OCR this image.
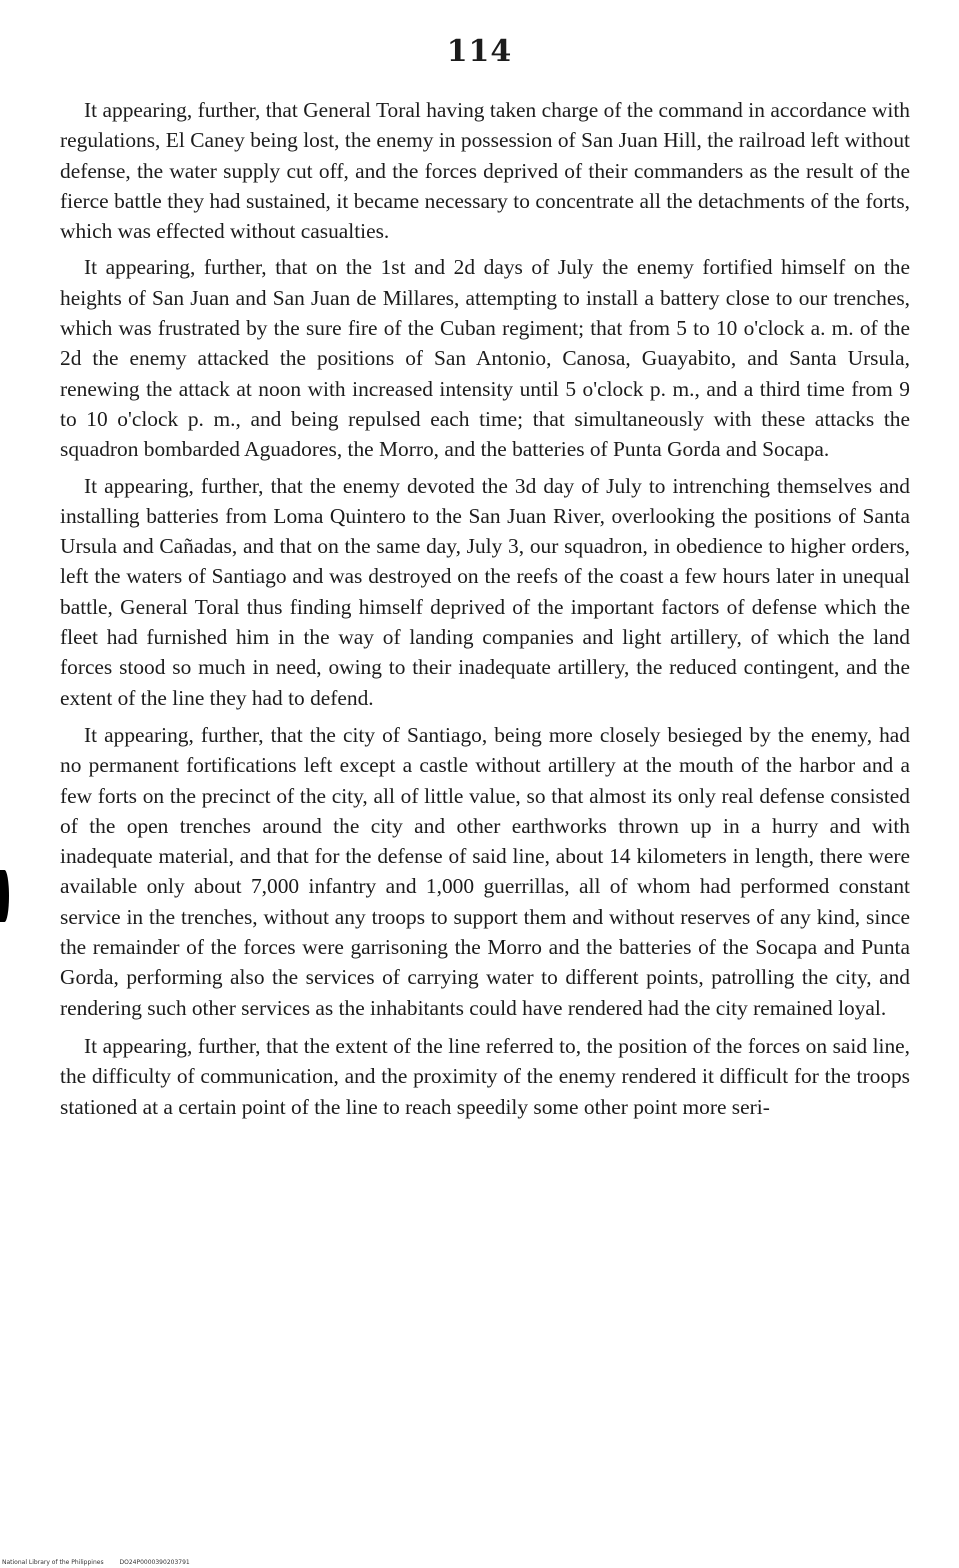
114

It appearing, further, that General Toral having taken charge of the command in accordance with regulations, El Caney being lost, the enemy in possession of San Juan Hill, the railroad left without defense, the water supply cut off, and the forces deprived of their commanders as the result of the fierce battle they had sustained, it became necessary to concentrate all the detachments of the forts, which was effected without casualties.

It appearing, further, that on the 1st and 2d days of July the enemy fortified himself on the heights of San Juan and San Juan de Millares, attempting to install a battery close to our trenches, which was frustrated by the sure fire of the Cuban regiment; that from 5 to 10 o'clock a. m. of the 2d the enemy attacked the positions of San Antonio, Canosa, Guayabito, and Santa Ursula, renewing the attack at noon with increased intensity until 5 o'clock p. m., and a third time from 9 to 10 o'clock p. m., and being repulsed each time; that simultaneously with these attacks the squadron bombarded Aguadores, the Morro, and the batteries of Punta Gorda and Socapa.

It appearing, further, that the enemy devoted the 3d day of July to intrenching themselves and installing batteries from Loma Quintero to the San Juan River, overlooking the positions of Santa Ursula and Cañadas, and that on the same day, July 3, our squadron, in obedience to higher orders, left the waters of Santiago and was destroyed on the reefs of the coast a few hours later in unequal battle, General Toral thus finding himself deprived of the important factors of defense which the fleet had furnished him in the way of landing companies and light artillery, of which the land forces stood so much in need, owing to their inadequate artillery, the reduced contingent, and the extent of the line they had to defend.

It appearing, further, that the city of Santiago, being more closely besieged by the enemy, had no permanent fortifications left except a castle without artillery at the mouth of the harbor and a few forts on the precinct of the city, all of little value, so that almost its only real defense consisted of the open trenches around the city and other earthworks thrown up in a hurry and with inadequate material, and that for the defense of said line, about 14 kilometers in length, there were available only about 7,000 infantry and 1,000 guerrillas, all of whom had performed constant service in the trenches, without any troops to support them and without reserves of any kind, since the remainder of the forces were garrisoning the Morro and the batteries of the Socapa and Punta Gorda, performing also the services of carrying water to different points, patrolling the city, and rendering such other services as the inhabitants could have rendered had the city remained loyal.

It appearing, further, that the extent of the line referred to, the position of the forces on said line, the difficulty of communication, and the proximity of the enemy rendered it difficult for the troops stationed at a certain point of the line to reach speedily some other point more seri-

National Library of the Philippines	DO24P0000390203791
